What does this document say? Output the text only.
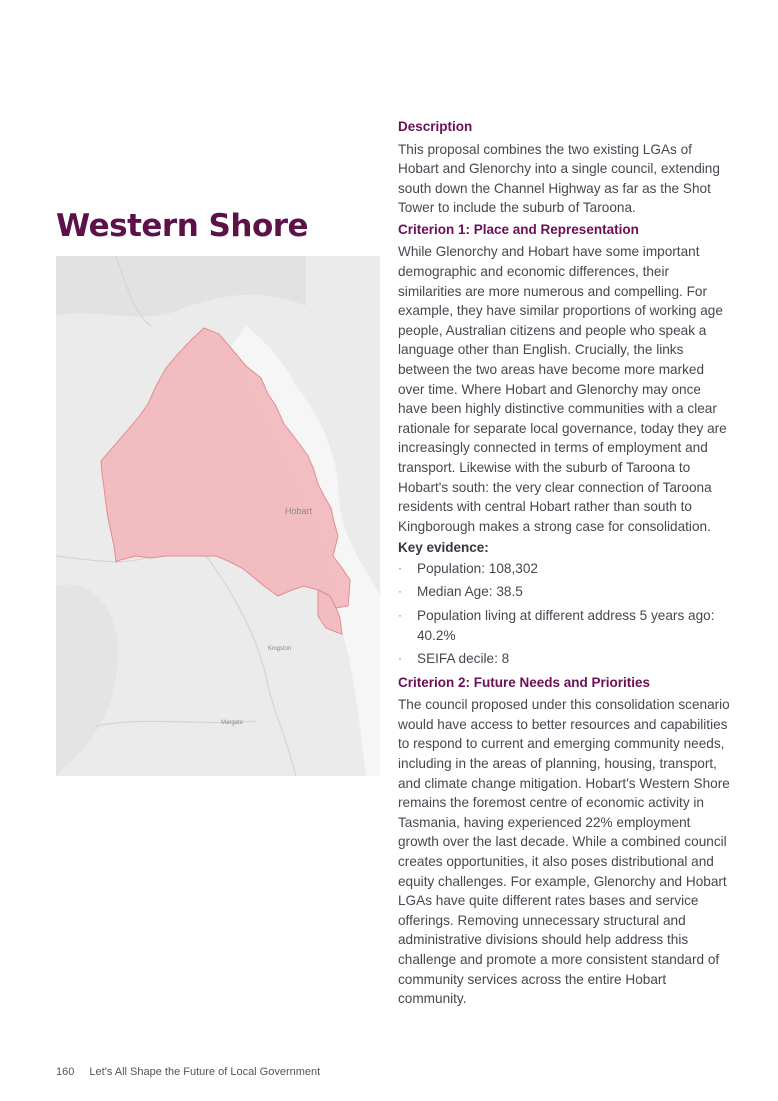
Western Shore
Hobart
Kingston
Margate
Description

This proposal combines the two existing LGAs of Hobart and Glenorchy into a single council, extending south down the Channel Highway as far as the Shot Tower to include the suburb of Taroona.

Criterion 1: Place and Representation

While Glenorchy and Hobart have some important demographic and economic differences, their similarities are more numerous and compelling. For example, they have similar proportions of working age people, Australian citizens and people who speak a language other than English. Crucially, the links between the two areas have become more marked over time. Where Hobart and Glenorchy may once have been highly distinctive communities with a clear rationale for separate local governance, today they are increasingly connected in terms of employment and transport. Likewise with the suburb of Taroona to Hobart's south: the very clear connection of Taroona residents with central Hobart rather than south to Kingborough makes a strong case for consolidation.

Key evidence:
· Population: 108,302
· Median Age: 38.5
· Population living at different address 5 years ago: 40.2%
· SEIFA decile: 8
Criterion 2: Future Needs and Priorities

The council proposed under this consolidation scenario would have access to better resources and capabilities to respond to current and emerging community needs, including in the areas of planning, housing, transport, and climate change mitigation. Hobart's Western Shore remains the foremost centre of economic activity in Tasmania, having experienced 22% employment growth over the last decade. While a combined council creates opportunities, it also poses distributional and equity challenges. For example, Glenorchy and Hobart LGAs have quite different rates bases and service offerings. Removing unnecessary structural and administrative divisions should help address this challenge and promote a more consistent standard of community services across the entire Hobart community.

160 Let's All Shape the Future of Local Government
